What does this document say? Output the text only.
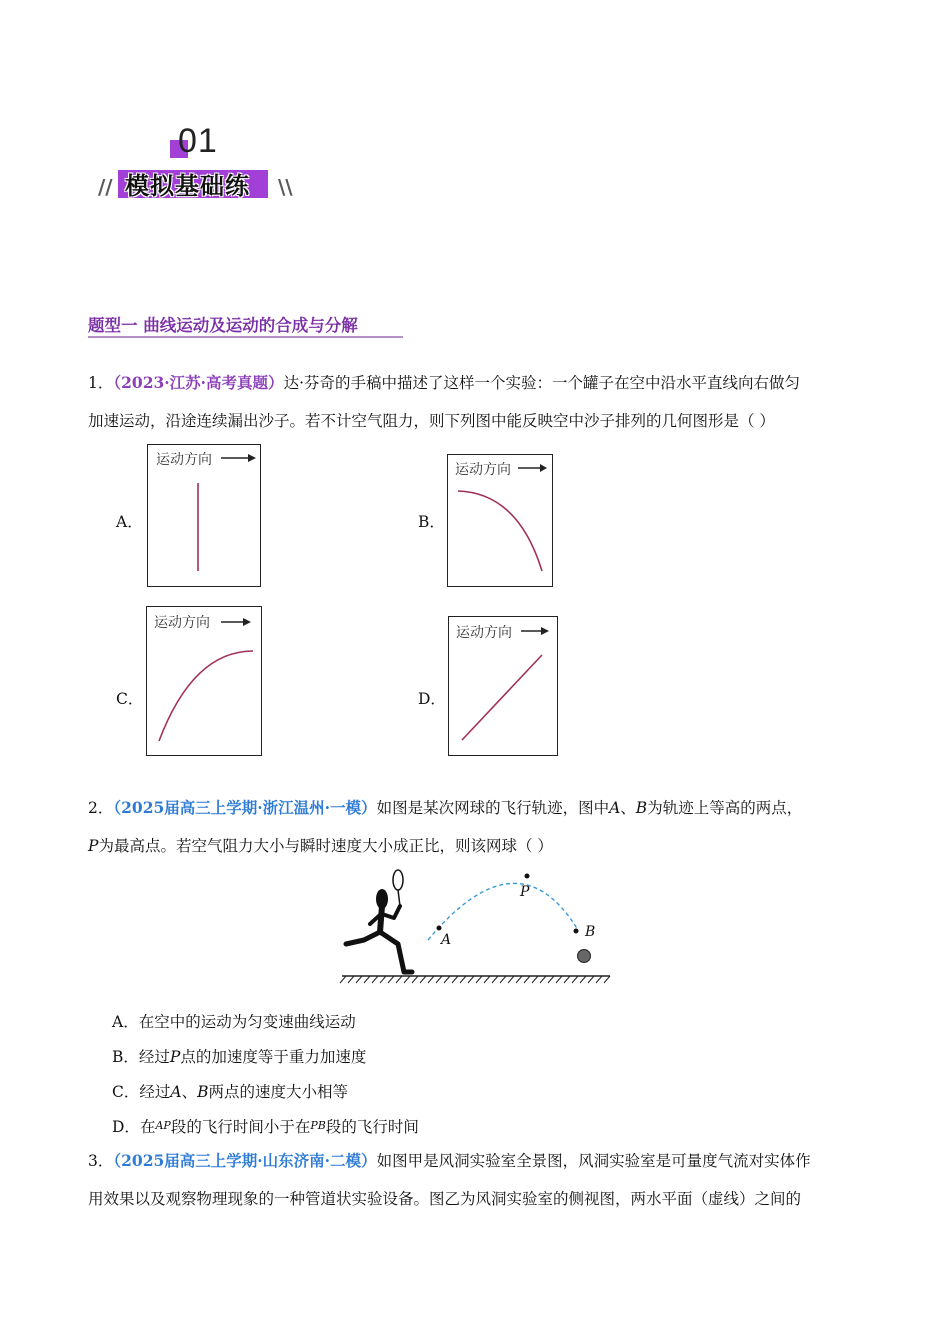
01
模拟基础练
//	\\
题型一 曲线运动及运动的合成与分解
1．（2023·江苏·高考真题）达·芬奇的手稿中描述了这样一个实验：一个罐子在空中沿水平直线向右做匀
加速运动，沿途连续漏出沙子。若不计空气阻力，则下列图中能反映空中沙子排列的几何图形是（ ）
A．
运动方向
B．
运动方向
C．
运动方向
D．
运动方向
2．（2025届高三上学期·浙江温州·一模）如图是某次网球的飞行轨迹，图中A、B为轨迹上等高的两点，
P为最高点。若空气阻力大小与瞬时速度大小成正比，则该网球（ ）
A
P
B
A．在空中的运动为匀变速曲线运动
B．经过P点的加速度等于重力加速度
C．经过A、B两点的速度大小相等
D．在AP段的飞行时间小于在PB段的飞行时间
3．（2025届高三上学期·山东济南·二模）如图甲是风洞实验室全景图，风洞实验室是可量度气流对实体作
用效果以及观察物理现象的一种管道状实验设备。图乙为风洞实验室的侧视图，两水平面（虚线）之间的
